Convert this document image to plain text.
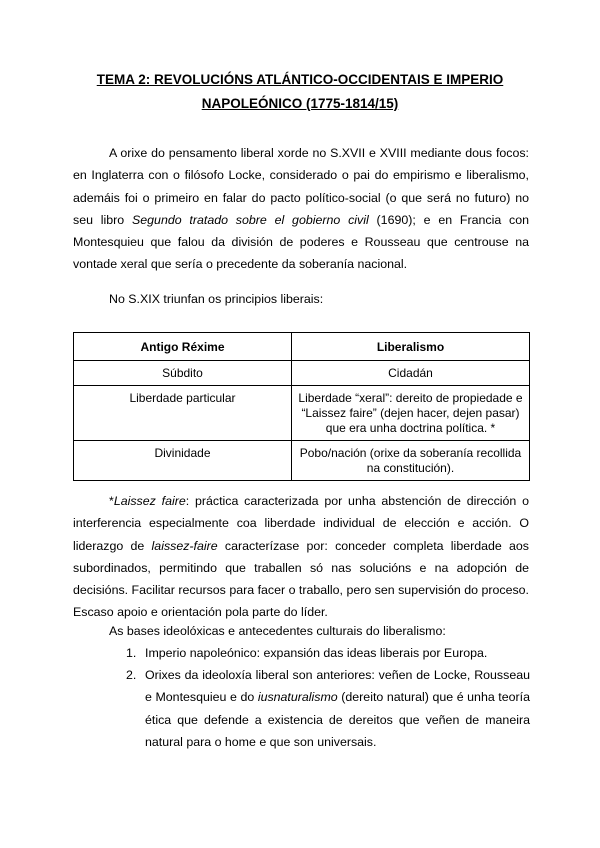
TEMA 2: REVOLUCIÓNS ATLÁNTICO-OCCIDENTAIS E IMPERIO
NAPOLEÓNICO (1775-1814/15)
A orixe do pensamento liberal xorde no S.XVII e XVIII mediante dous focos: en Inglaterra con o filósofo Locke, considerado o pai do empirismo e liberalismo, ademáis foi o primeiro en falar do pacto político-social (o que será no futuro) no seu libro Segundo tratado sobre el gobierno civil (1690); e en Francia con Montesquieu que falou da división de poderes e Rousseau que centrouse na vontade xeral que sería o precedente da soberanía nacional.
No S.XIX triunfan os principios liberais:
Antigo Réxime	Liberalismo
Súbdito	Cidadán
Liberdade particular	Liberdade “xeral”: dereito de propiedade e “Laissez faire” (dejen hacer, dejen pasar) que era unha doctrina política. *
Divinidade	Pobo/nación (orixe da soberanía recollida na constitución).
*Laissez faire: práctica caracterizada por unha abstención de dirección o interferencia especialmente coa liberdade individual de elección e acción. O liderazgo de laissez-faire caracterízase por: conceder completa liberdade aos subordinados, permitindo que traballen só nas solucións e na adopción de decisións. Facilitar recursos para facer o traballo, pero sen supervisión do proceso. Escaso apoio e orientación pola parte do líder.
As bases ideolóxicas e antecedentes culturais do liberalismo:
1. Imperio napoleónico: expansión das ideas liberais por Europa.
2. Orixes da ideoloxía liberal son anteriores: veñen de Locke, Rousseau e Montesquieu e do iusnaturalismo (dereito natural) que é unha teoría ética que defende a existencia de dereitos que veñen de maneira natural para o home e que son universais.
